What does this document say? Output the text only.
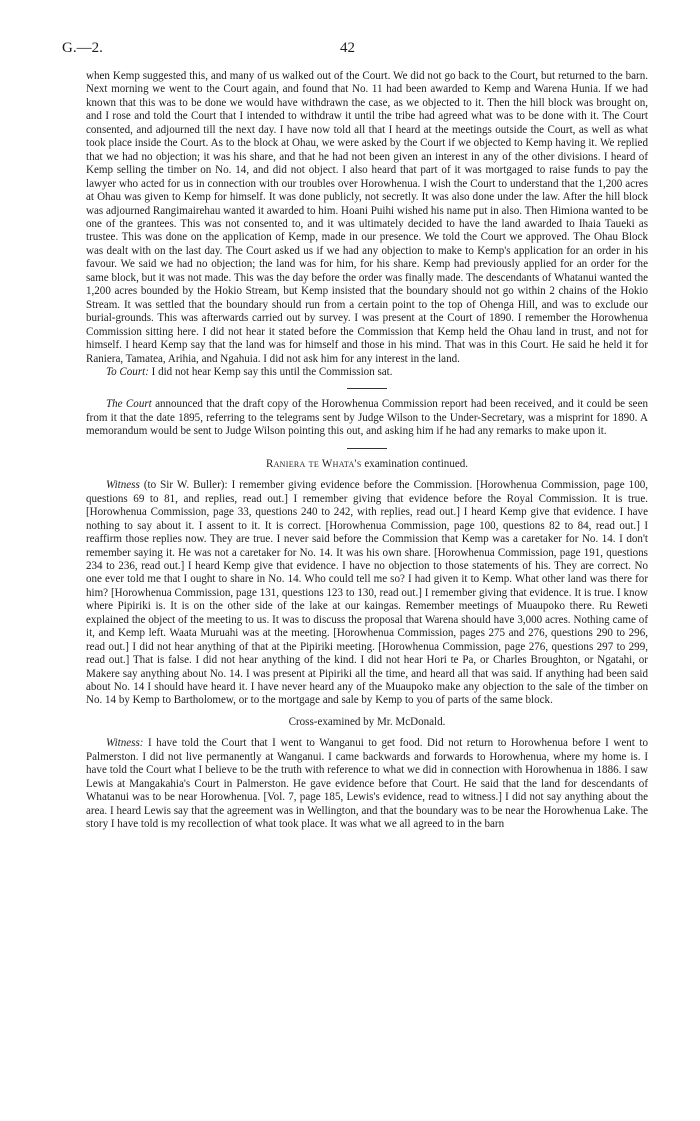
G.—2.	42

when Kemp suggested this, and many of us walked out of the Court. We did not go back to the Court, but returned to the barn. Next morning we went to the Court again, and found that No. 11 had been awarded to Kemp and Warena Hunia. If we had known that this was to be done we would have withdrawn the case, as we objected to it. Then the hill block was brought on, and I rose and told the Court that I intended to withdraw it until the tribe had agreed what was to be done with it. The Court consented, and adjourned till the next day. I have now told all that I heard at the meetings outside the Court, as well as what took place inside the Court. As to the block at Ohau, we were asked by the Court if we objected to Kemp having it. We replied that we had no objection; it was his share, and that he had not been given an interest in any of the other divisions. I heard of Kemp selling the timber on No. 14, and did not object. I also heard that part of it was mortgaged to raise funds to pay the lawyer who acted for us in connection with our troubles over Horowhenua. I wish the Court to understand that the 1,200 acres at Ohau was given to Kemp for himself. It was done publicly, not secretly. It was also done under the law. After the hill block was adjourned Rangimairehau wanted it awarded to him. Hoani Puihi wished his name put in also. Then Himiona wanted to be one of the grantees. This was not consented to, and it was ultimately decided to have the land awarded to Ihaia Taueki as trustee. This was done on the application of Kemp, made in our presence. We told the Court we approved. The Ohau Block was dealt with on the last day. The Court asked us if we had any objection to make to Kemp's application for an order in his favour. We said we had no objection; the land was for him, for his share. Kemp had previously applied for an order for the same block, but it was not made. This was the day before the order was finally made. The descendants of Whatanui wanted the 1,200 acres bounded by the Hokio Stream, but Kemp insisted that the boundary should not go within 2 chains of the Hokio Stream. It was settled that the boundary should run from a certain point to the top of Ohenga Hill, and was to exclude our burial-grounds. This was afterwards carried out by survey. I was present at the Court of 1890. I remember the Horowhenua Commission sitting here. I did not hear it stated before the Commission that Kemp held the Ohau land in trust, and not for himself. I heard Kemp say that the land was for himself and those in his mind. That was in this Court. He said he held it for Raniera, Tamatea, Arihia, and Ngahuia. I did not ask him for any interest in the land.

To Court: I did not hear Kemp say this until the Commission sat.

The Court announced that the draft copy of the Horowhenua Commission report had been received, and it could be seen from it that the date 1895, referring to the telegrams sent by Judge Wilson to the Under-Secretary, was a misprint for 1890. A memorandum would be sent to Judge Wilson pointing this out, and asking him if he had any remarks to make upon it.

Raniera te Whata's examination continued.

Witness (to Sir W. Buller): I remember giving evidence before the Commission. [Horowhenua Commission, page 100, questions 69 to 81, and replies, read out.] I remember giving that evidence before the Royal Commission. It is true. [Horowhenua Commission, page 33, questions 240 to 242, with replies, read out.] I heard Kemp give that evidence. I have nothing to say about it. I assent to it. It is correct. [Horowhenua Commission, page 100, questions 82 to 84, read out.] I reaffirm those replies now. They are true. I never said before the Commission that Kemp was a caretaker for No. 14. I don't remember saying it. He was not a caretaker for No. 14. It was his own share. [Horowhenua Commission, page 191, questions 234 to 236, read out.] I heard Kemp give that evidence. I have no objection to those statements of his. They are correct. No one ever told me that I ought to share in No. 14. Who could tell me so? I had given it to Kemp. What other land was there for him? [Horowhenua Commission, page 131, questions 123 to 130, read out.] I remember giving that evidence. It is true. I know where Pipiriki is. It is on the other side of the lake at our kaingas. Remember meetings of Muaupoko there. Ru Reweti explained the object of the meeting to us. It was to discuss the proposal that Warena should have 3,000 acres. Nothing came of it, and Kemp left. Waata Muruahi was at the meeting. [Horowhenua Commission, pages 275 and 276, questions 290 to 296, read out.] I did not hear anything of that at the Pipiriki meeting. [Horowhenua Commission, page 276, questions 297 to 299, read out.] That is false. I did not hear anything of the kind. I did not hear Hori te Pa, or Charles Broughton, or Ngatahi, or Makere say anything about No. 14. I was present at Pipiriki all the time, and heard all that was said. If anything had been said about No. 14 I should have heard it. I have never heard any of the Muaupoko make any objection to the sale of the timber on No. 14 by Kemp to Bartholomew, or to the mortgage and sale by Kemp to you of parts of the same block.

Cross-examined by Mr. McDonald.

Witness: I have told the Court that I went to Wanganui to get food. Did not return to Horowhenua before I went to Palmerston. I did not live permanently at Wanganui. I came backwards and forwards to Horowhenua, where my home is. I have told the Court what I believe to be the truth with reference to what we did in connection with Horowhenua in 1886. I saw Lewis at Mangakahia's Court in Palmerston. He gave evidence before that Court. He said that the land for descendants of Whatanui was to be near Horowhenua. [Vol. 7, page 185, Lewis's evidence, read to witness.] I did not say anything about the area. I heard Lewis say that the agreement was in Wellington, and that the boundary was to be near the Horowhenua Lake. The story I have told is my recollection of what took place. It was what we all agreed to in the barn
